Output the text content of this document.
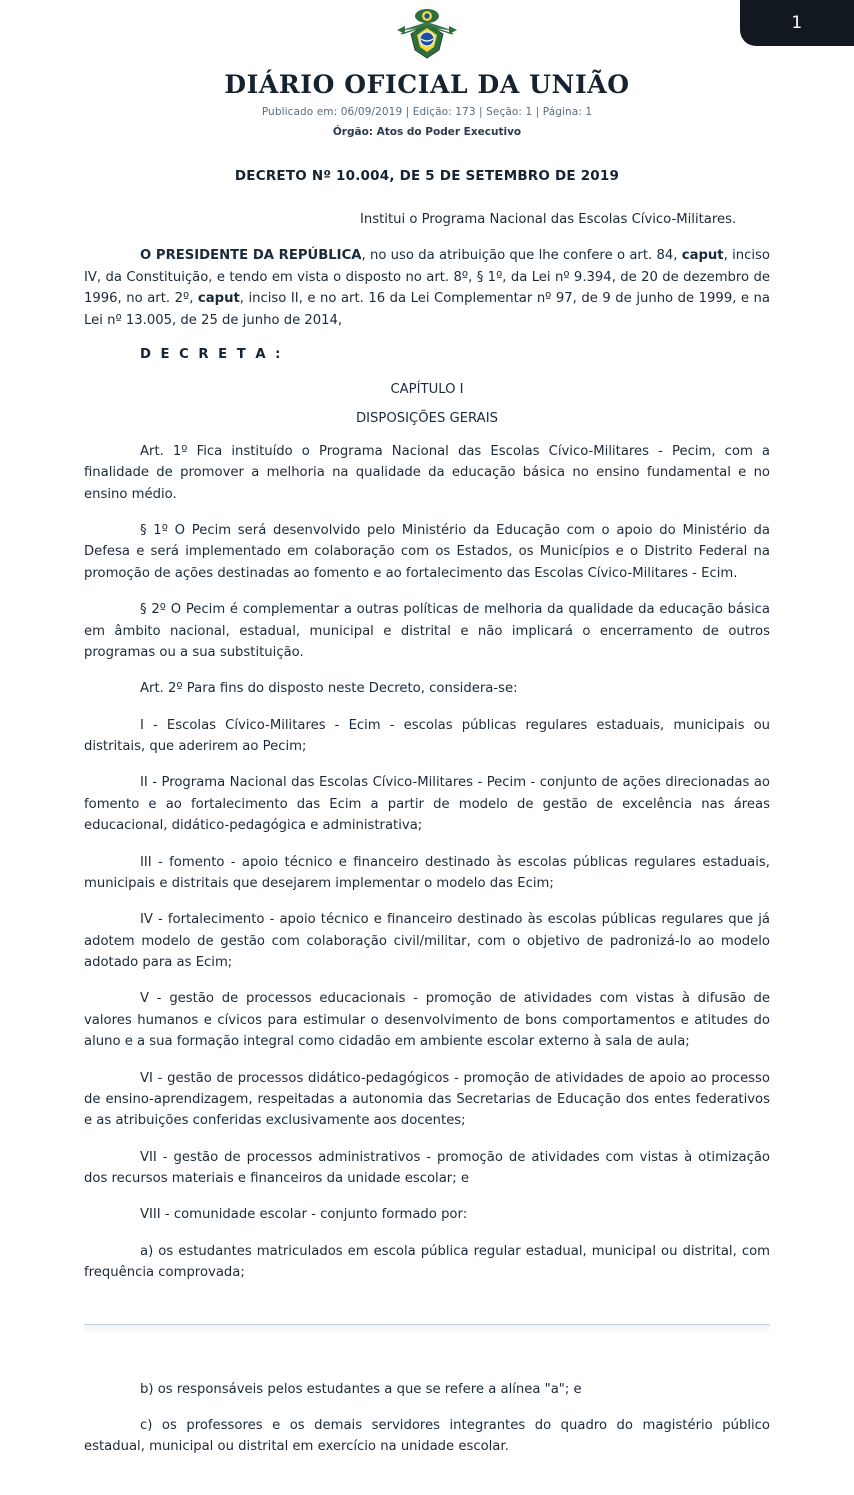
1
DIÁRIO OFICIAL DA UNIÃO
Publicado em: 06/09/2019 | Edição: 173 | Seção: 1 | Página: 1
Órgão: Atos do Poder Executivo
DECRETO Nº 10.004, DE 5 DE SETEMBRO DE 2019
Institui o Programa Nacional das Escolas Cívico-Militares.

O PRESIDENTE DA REPÚBLICA, no uso da atribuição que lhe confere o art. 84, caput, inciso IV, da Constituição, e tendo em vista o disposto no art. 8º, § 1º, da Lei nº 9.394, de 20 de dezembro de 1996, no art. 2º, caput, inciso II, e no art. 16 da Lei Complementar nº 97, de 9 de junho de 1999, e na Lei nº 13.005, de 25 de junho de 2014,

D E C R E T A :
CAPÍTULO I
DISPOSIÇÕES GERAIS

Art. 1º Fica instituído o Programa Nacional das Escolas Cívico-Militares - Pecim, com a finalidade de promover a melhoria na qualidade da educação básica no ensino fundamental e no ensino médio.

§ 1º O Pecim será desenvolvido pelo Ministério da Educação com o apoio do Ministério da Defesa e será implementado em colaboração com os Estados, os Municípios e o Distrito Federal na promoção de ações destinadas ao fomento e ao fortalecimento das Escolas Cívico-Militares - Ecim.

§ 2º O Pecim é complementar a outras políticas de melhoria da qualidade da educação básica em âmbito nacional, estadual, municipal e distrital e não implicará o encerramento de outros programas ou a sua substituição.

Art. 2º Para fins do disposto neste Decreto, considera-se:

I - Escolas Cívico-Militares - Ecim - escolas públicas regulares estaduais, municipais ou distritais, que aderirem ao Pecim;

II - Programa Nacional das Escolas Cívico-Militares - Pecim - conjunto de ações direcionadas ao fomento e ao fortalecimento das Ecim a partir de modelo de gestão de excelência nas áreas educacional, didático-pedagógica e administrativa;

III - fomento - apoio técnico e financeiro destinado às escolas públicas regulares estaduais, municipais e distritais que desejarem implementar o modelo das Ecim;

IV - fortalecimento - apoio técnico e financeiro destinado às escolas públicas regulares que já adotem modelo de gestão com colaboração civil/militar, com o objetivo de padronizá-lo ao modelo adotado para as Ecim;

V - gestão de processos educacionais - promoção de atividades com vistas à difusão de valores humanos e cívicos para estimular o desenvolvimento de bons comportamentos e atitudes do aluno e a sua formação integral como cidadão em ambiente escolar externo à sala de aula;

VI - gestão de processos didático-pedagógicos - promoção de atividades de apoio ao processo de ensino-aprendizagem, respeitadas a autonomia das Secretarias de Educação dos entes federativos e as atribuições conferidas exclusivamente aos docentes;

VII - gestão de processos administrativos - promoção de atividades com vistas à otimização dos recursos materiais e financeiros da unidade escolar; e

VIII - comunidade escolar - conjunto formado por:

a) os estudantes matriculados em escola pública regular estadual, municipal ou distrital, com frequência comprovada;

b) os responsáveis pelos estudantes a que se refere a alínea "a"; e

c) os professores e os demais servidores integrantes do quadro do magistério público estadual, municipal ou distrital em exercício na unidade escolar.
